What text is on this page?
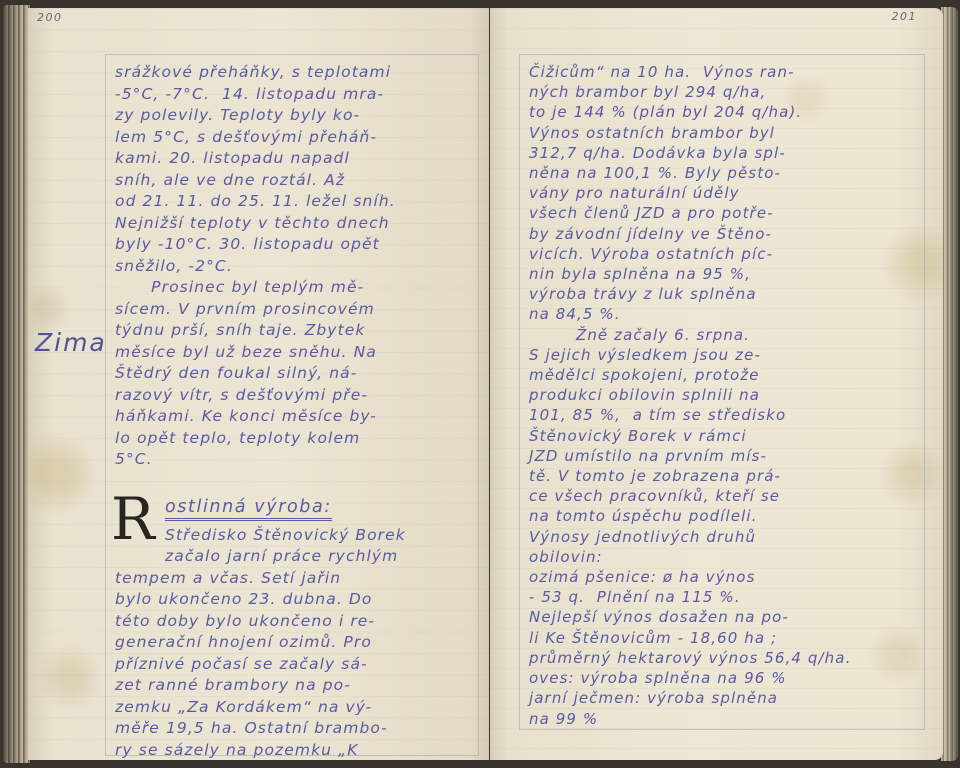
200
Zima
srážkové přeháňky, s teplotami
-5°C, -7°C.  14. listopadu mra-
zy polevily. Teploty byly ko-
lem 5°C, s dešťovými přeháň-
kami. 20. listopadu napadl
sníh, ale ve dne roztál. Až
od 21. 11. do 25. 11. ležel sníh.
Nejnižší teploty v těchto dnech
byly -10°C. 30. listopadu opět
sněžilo, -2°C.
Prosinec byl teplým mě-
sícem. V prvním prosincovém
týdnu prší, sníh taje. Zbytek
měsíce byl už beze sněhu. Na
Štědrý den foukal silný, ná-
razový vítr, s dešťovými pře-
háňkami. Ke konci měsíce by-
lo opět teplo, teploty kolem
5°C.
R ostlinná výroba:
Středisko Štěnovický Borek
začalo jarní práce rychlým
tempem a včas. Setí jařin
bylo ukončeno 23. dubna. Do
této doby bylo ukončeno i re-
generační hnojení ozimů. Pro
příznivé počasí se začaly sá-
zet ranné brambory na po-
zemku „Za Kordákem“ na vý-
měře 19,5 ha. Ostatní brambo-
ry se sázely na pozemku „K
201
Čižicům“ na 10 ha.  Výnos ran-
ných brambor byl 294 q/ha,
to je 144 % (plán byl 204 q/ha).
Výnos ostatních brambor byl
312,7 q/ha. Dodávka byla spl-
něna na 100,1 %. Byly pěsto-
vány pro naturální úděly
všech členů JZD a pro potře-
by závodní jídelny ve Štěno-
vicích. Výroba ostatních píc-
nin byla splněna na 95 %,
výroba trávy z luk splněna
na 84,5 %.
Žně začaly 6. srpna.
S jejich výsledkem jsou ze-
mědělci spokojeni, protože
produkci obilovin splnili na
101, 85 %,  a tím se středisko
Štěnovický Borek v rámci
JZD umístilo na prvním mís-
tě. V tomto je zobrazena prá-
ce všech pracovníků, kteří se
na tomto úspěchu podíleli.
Výnosy jednotlivých druhů
obilovin:
ozimá pšenice: ø ha výnos
- 53 q.  Plnění na 115 %.
Nejlepší výnos dosažen na po-
li Ke Štěnovicům - 18,60 ha ;
průměrný hektarový výnos 56,4 q/ha.
oves: výroba splněna na 96 %
jarní ječmen: výroba splněna
na 99 %
